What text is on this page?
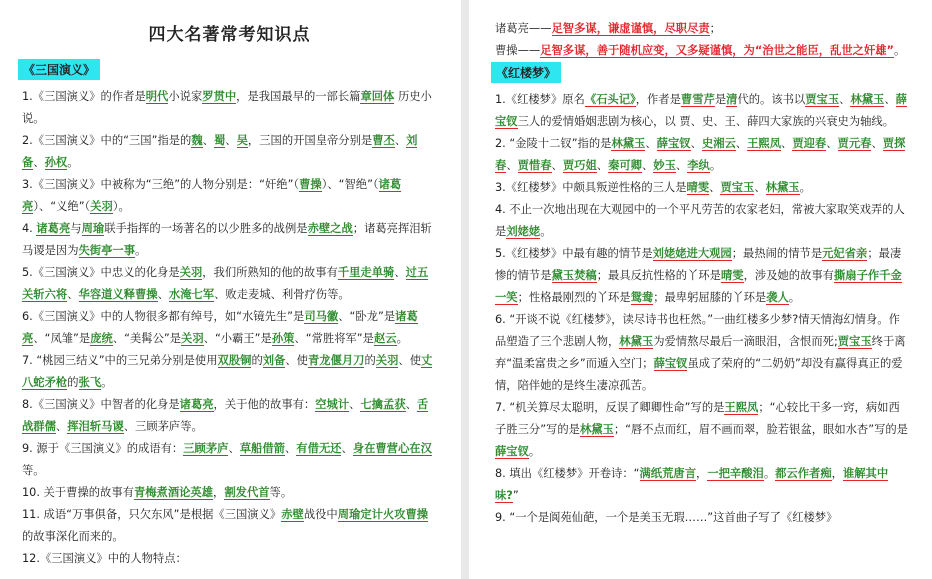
四大名著常考知识点
《三国演义》

1.《三国演义》的作者是明代小说家罗贯中，是我国最早的一部长篇章回体 历史小说。

2.《三国演义》中的“三国”指是的魏、蜀、吴，三国的开国皇帝分别是曹丕、刘备、孙权。

3.《三国演义》中被称为“三绝”的人物分别是：“奸绝”（曹操）、“智绝”（诸葛亮）、“义绝”（关羽）。

4. 诸葛亮与周瑜联手指挥的一场著名的以少胜多的战例是赤壁之战；诸葛亮挥泪斩马谡是因为失街亭一事。

5.《三国演义》中忠义的化身是关羽，我们所熟知的他的故事有千里走单骑、过五关斩六将、华容道义释曹操、水淹七军、败走麦城、利骨疗伤等。

6.《三国演义》中的人物很多都有绰号，如“水镜先生”是司马徽、“卧龙”是诸葛亮、“凤雏”是庞统、“美髯公”是关羽、“小霸王”是孙策、“常胜将军”是赵云。

7. “桃园三结义”中的三兄弟分别是使用双股铜的刘备、使青龙偃月刀的关羽、使丈八蛇矛枪的张飞。

8.《三国演义》中智者的化身是诸葛亮，关于他的故事有：空城计、七擒孟获、舌战群儒、挥泪斩马谡、三顾茅庐等。

9. 源于《三国演义》的成语有：三顾茅庐、草船借箭、有借无还、身在曹营心在汉等。

10. 关于曹操的故事有青梅煮酒论英雄，割发代首等。

11. 成语“万事俱备，只欠东风”是根据《三国演义》赤壁战役中周瑜定计火攻曹操的故事深化而来的。

12.《三国演义》中的人物特点：

诸葛亮——足智多谋，谦虚谨慎，尽职尽责；

曹操——足智多谋，善于随机应变，又多疑谨慎，为“治世之能臣，乱世之奸雄”。

《红楼梦》

1.《红楼梦》原名《石头记》，作者是曹雪芹是清代的。该书以贾宝玉、林黛玉、薛宝钗三人的爱情婚姻悲剧为核心，以 贾、史、王、薛四大家族的兴衰史为轴线。

2. “金陵十二钗”指的是林黛玉、薛宝钗、史湘云、王熙凤、贾迎春、贾元春、贾探春、贾惜春、贾巧姐、秦可卿、妙玉、李纨。

3.《红楼梦》中颇具叛逆性格的三人是晴雯、贾宝玉、林黛玉。

4. 不止一次地出现在大观园中的一个平凡劳苦的农家老妇，常被大家取笑戏弄的人是刘姥姥。

5.《红楼梦》中最有趣的情节是刘姥姥进大观园；最热闹的情节是元妃省亲；最凄惨的情节是黛玉焚稿；最具反抗性格的丫环是晴雯，涉及她的故事有撕扇子作千金一笑；性格最刚烈的丫环是鸳鸯；最卑躬屈膝的丫环是袭人。

6. “开谈不说《红楼梦》，读尽诗书也枉然。”一曲红楼多少梦?情天情海幻情身。作品塑造了三个悲剧人物，林黛玉为爱情熬尽最后一滴眼泪，含恨而死;贾宝玉终于离弃“温柔富贵之乡”而遁入空门；薛宝钗虽成了荣府的“二奶奶”却没有赢得真正的爱情，陪伴她的是终生凄凉孤苦。

7. “机关算尽太聪明，反误了卿卿性命”写的是王熙凤；“心较比干多一窍，病如西子胜三分”写的是林黛玉；“唇不点而红，眉不画而翠，脸若银盆，眼如水杏”写的是薛宝钗。

8. 填出《红楼梦》开卷诗：“满纸荒唐言，一把辛酸泪。都云作者痴，谁解其中味?”

9. “一个是阆苑仙葩，一个是美玉无瑕……”这首曲子写了《红楼梦》
